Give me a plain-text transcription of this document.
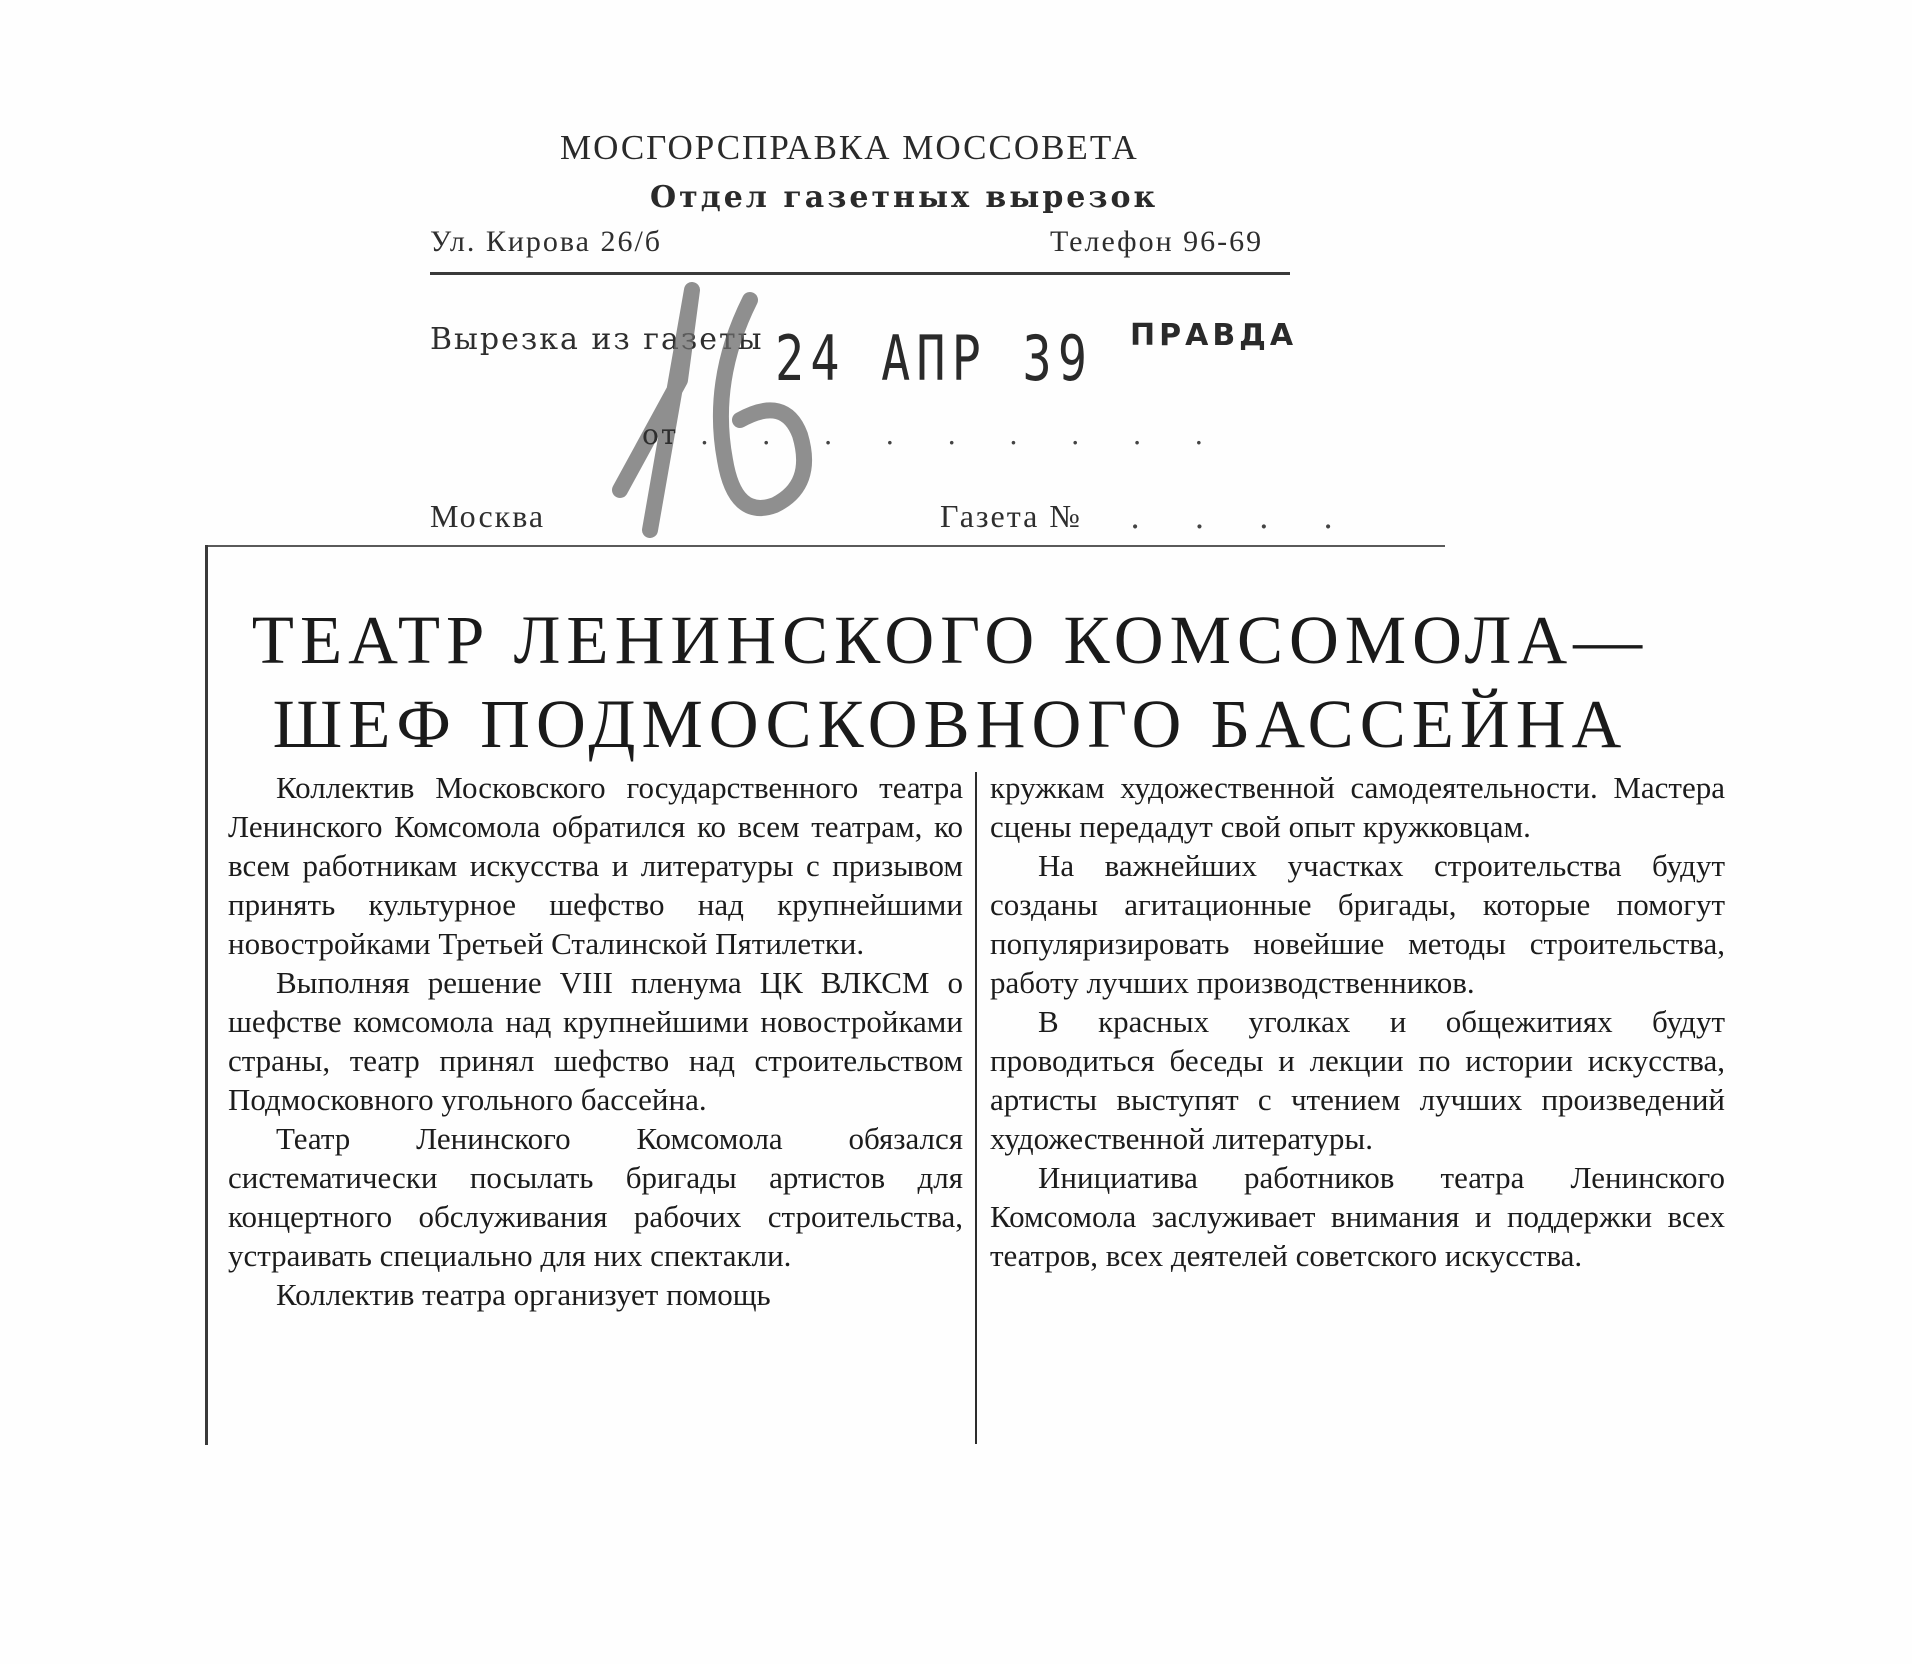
МОСГОРСПРАВКА МОССОВЕТА
Отдел газетных вырезок
Ул. Кирова 26/б	Телефон 96-69
Вырезка из газеты 24 АПР 39 ПРАВДА
от . . . . . . . . .
Москва	Газета № . . . .
ТЕАТР ЛЕНИНСКОГО КОМСОМОЛА—
ШЕФ ПОДМОСКОВНОГО БАССЕЙНА

Коллектив Московского государственного театра Ленинского Комсомола обратился ко всем театрам, ко всем работникам искусства и литературы с призывом принять культурное шефство над крупнейшими новостройками Третьей Сталинской Пятилетки.

Выполняя решение VIII пленума ЦК ВЛКСМ о шефстве комсомола над крупнейшими новостройками страны, театр принял шефство над строительством Подмосковного угольного бассейна.

Театр Ленинского Комсомола обязался систематически посылать бригады артистов для концертного обслуживания рабочих строительства, устраивать специально для них спектакли.

Коллектив театра организует помощь

кружкам художественной самодеятельности. Мастера сцены передадут свой опыт кружковцам.

На важнейших участках строительства будут созданы агитационные бригады, которые помогут популяризировать новейшие методы строительства, работу лучших производственников.

В красных уголках и общежитиях будут проводиться беседы и лекции по истории искусства, артисты выступят с чтением лучших произведений художественной литературы.

Инициатива работников театра Ленинского Комсомола заслуживает внимания и поддержки всех театров, всех деятелей советского искусства.
